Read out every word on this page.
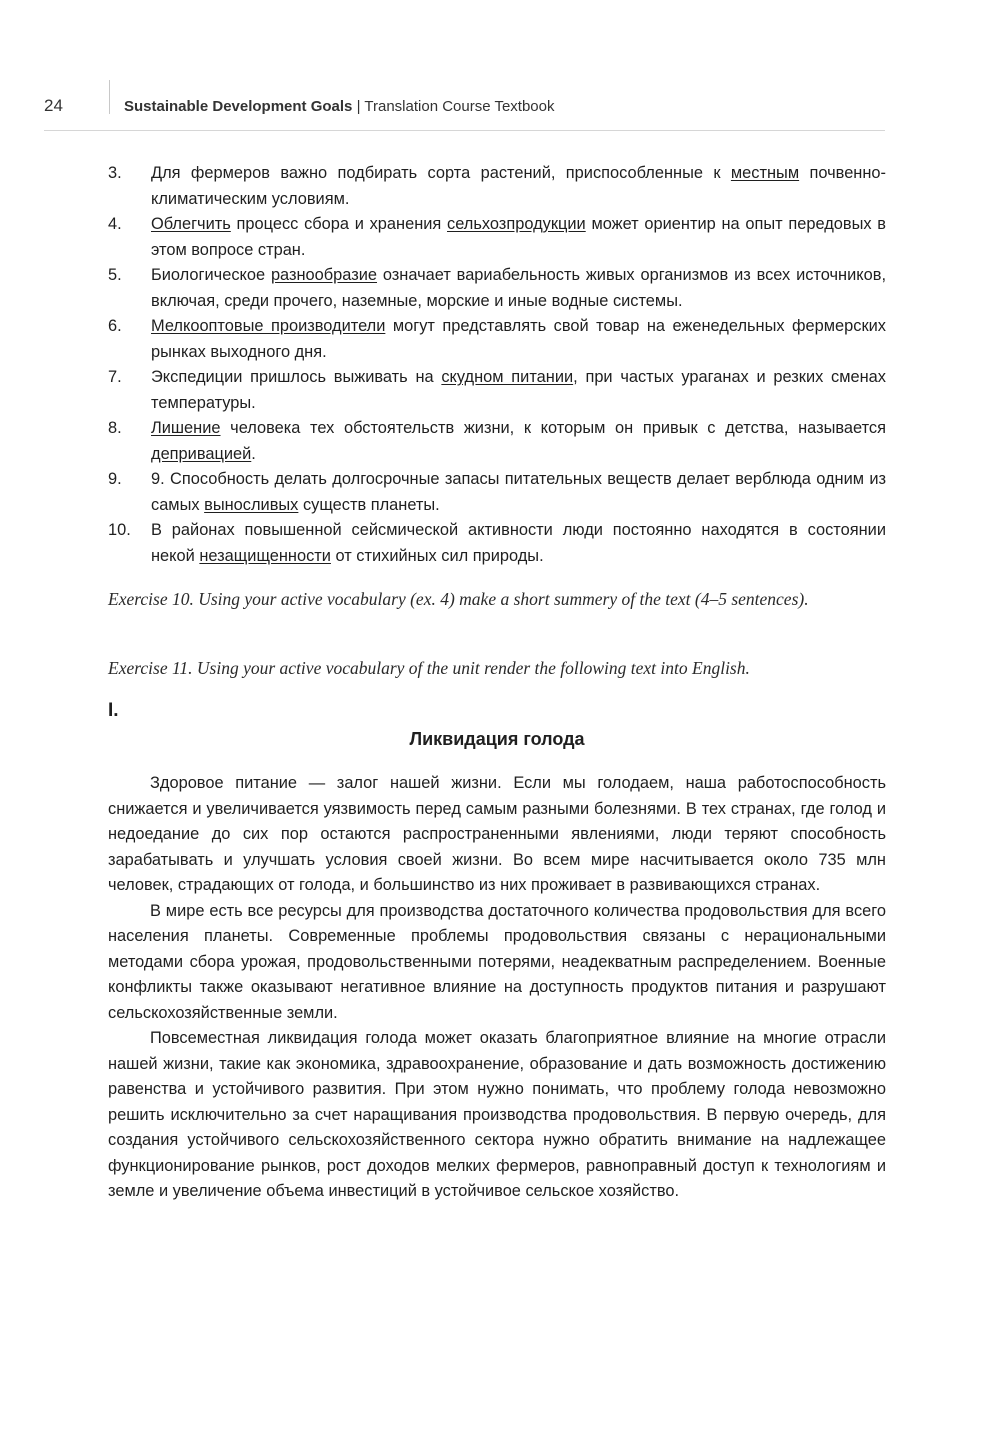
24	Sustainable Development Goals | Translation Course Textbook
3. Для фермеров важно подбирать сорта растений, приспособленные к местным почвенно-климатическим условиям.
4. Облегчить процесс сбора и хранения сельхозпродукции может ориентир на опыт передовых в этом вопросе стран.
5. Биологическое разнообразие означает вариабельность живых организмов из всех источников, включая, среди прочего, наземные, морские и иные водные системы.
6. Мелкооптовые производители могут представлять свой товар на еженедельных фермерских рынках выходного дня.
7. Экспедиции пришлось выживать на скудном питании, при частых ураганах и резких сменах температуры.
8. Лишение человека тех обстоятельств жизни, к которым он привык с детства, называется депривацией.
9. 9. Способность делать долгосрочные запасы питательных веществ делает верблюда одним из самых выносливых существ планеты.
10. В районах повышенной сейсмической активности люди постоянно находятся в состоянии некой незащищенности от стихийных сил природы.
Exercise 10. Using your active vocabulary (ex. 4) make a short summery of the text (4–5 sentences).
Exercise 11. Using your active vocabulary of the unit render the following text into English.
I.
Ликвидация голода

Здоровое питание — залог нашей жизни. Если мы голодаем, наша работоспособность снижается и увеличивается уязвимость перед самым разными болезнями. В тех странах, где голод и недоедание до сих пор остаются распространенными явлениями, люди теряют способность зарабатывать и улучшать условия своей жизни. Во всем мире насчитывается около 735 млн человек, страдающих от голода, и большинство из них проживает в развивающихся странах.

В мире есть все ресурсы для производства достаточного количества продовольствия для всего населения планеты. Современные проблемы продовольствия связаны с нерациональными методами сбора урожая, продовольственными потерями, неадекватным распределением. Военные конфликты также оказывают негативное влияние на доступность продуктов питания и разрушают сельскохозяйственные земли.

Повсеместная ликвидация голода может оказать благоприятное влияние на многие отрасли нашей жизни, такие как экономика, здравоохранение, образование и дать возможность достижению равенства и устойчивого развития. При этом нужно понимать, что проблему голода невозможно решить исключительно за счет наращивания производства продовольствия. В первую очередь, для создания устойчивого сельскохозяйственного сектора нужно обратить внимание на надлежащее функционирование рынков, рост доходов мелких фермеров, равноправный доступ к технологиям и земле и увеличение объема инвестиций в устойчивое сельское хозяйство.
